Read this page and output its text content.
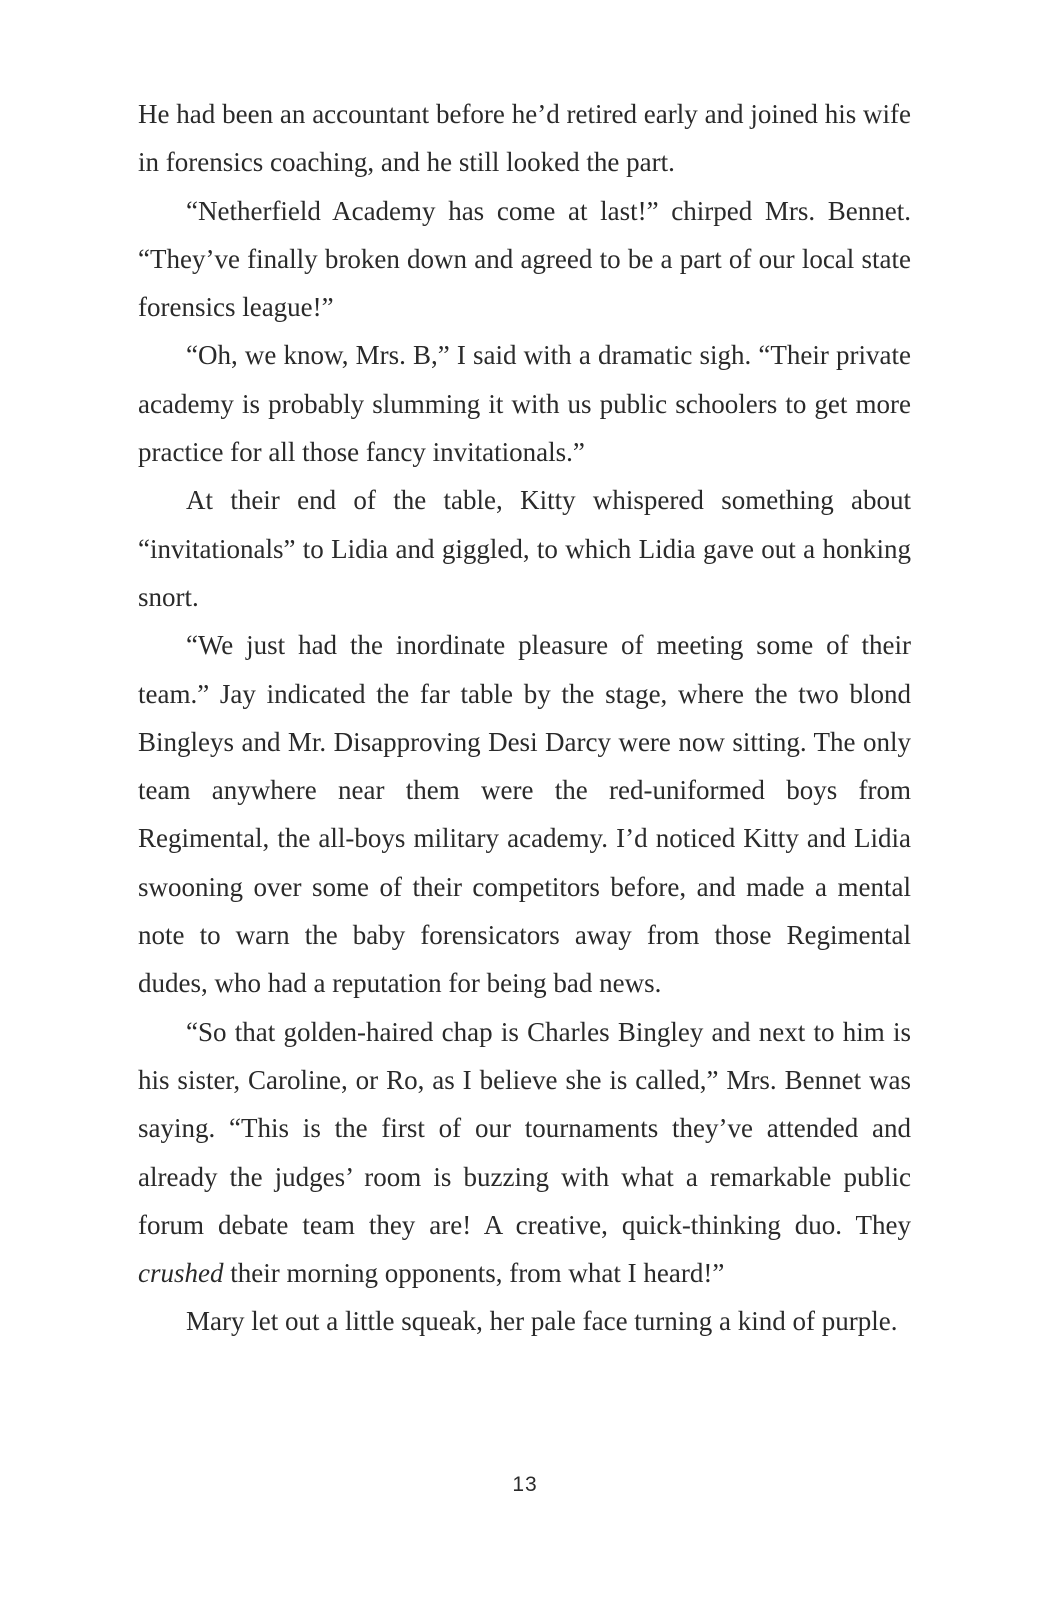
He had been an accountant before he’d retired early and joined his wife in forensics coaching, and he still looked the part.

“Netherfield Academy has come at last!” chirped Mrs. Bennet. “They’ve finally broken down and agreed to be a part of our local state forensics league!”

“Oh, we know, Mrs. B,” I said with a dramatic sigh. “Their private academy is probably slumming it with us public schoolers to get more practice for all those fancy invitationals.”

At their end of the table, Kitty whispered something about “invitationals” to Lidia and giggled, to which Lidia gave out a honking snort.

“We just had the inordinate pleasure of meeting some of their team.” Jay indicated the far table by the stage, where the two blond Bingleys and Mr. Disapproving Desi Darcy were now sitting. The only team anywhere near them were the red-uniformed boys from Regimental, the all-boys military academy. I’d noticed Kitty and Lidia swooning over some of their competitors before, and made a mental note to warn the baby forensicators away from those Regimental dudes, who had a reputation for being bad news.

“So that golden-haired chap is Charles Bingley and next to him is his sister, Caroline, or Ro, as I believe she is called,” Mrs. Bennet was saying. “This is the first of our tournaments they’ve attended and already the judges’ room is buzzing with what a remarkable public forum debate team they are! A creative, quick-thinking duo. They crushed their morning opponents, from what I heard!”

Mary let out a little squeak, her pale face turning a kind of purple.

13
